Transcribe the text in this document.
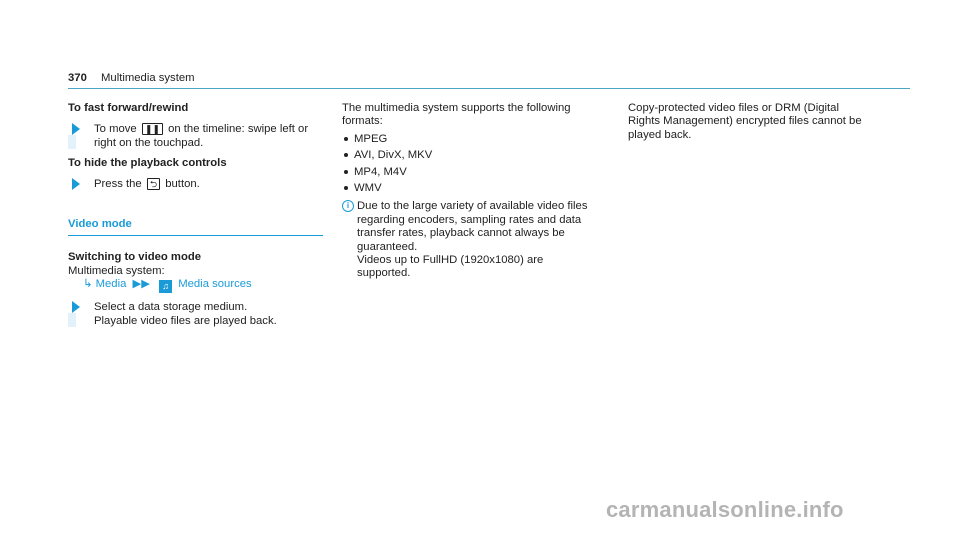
370 Multimedia system

To fast forward/rewind

To move ❚❚ on the timeline: swipe left or right on the touchpad.

To hide the playback controls

Press the ⮌ button.
Video mode

Switching to video mode

Multimedia system:
↳ Media ▶▶ ♫ Media sources
Select a data storage medium.
Playable video files are played back.
The multimedia system supports the following formats:
MPEG
AVI, DivX, MKV
MP4, M4V
WMV
i Due to the large variety of available video files regarding encoders, sampling rates and data transfer rates, playback cannot always be guaranteed.
Videos up to FullHD (1920x1080) are supported.
Copy-protected video files or DRM (Digital Rights Management) encrypted files cannot be played back.
carmanualsonline.info
